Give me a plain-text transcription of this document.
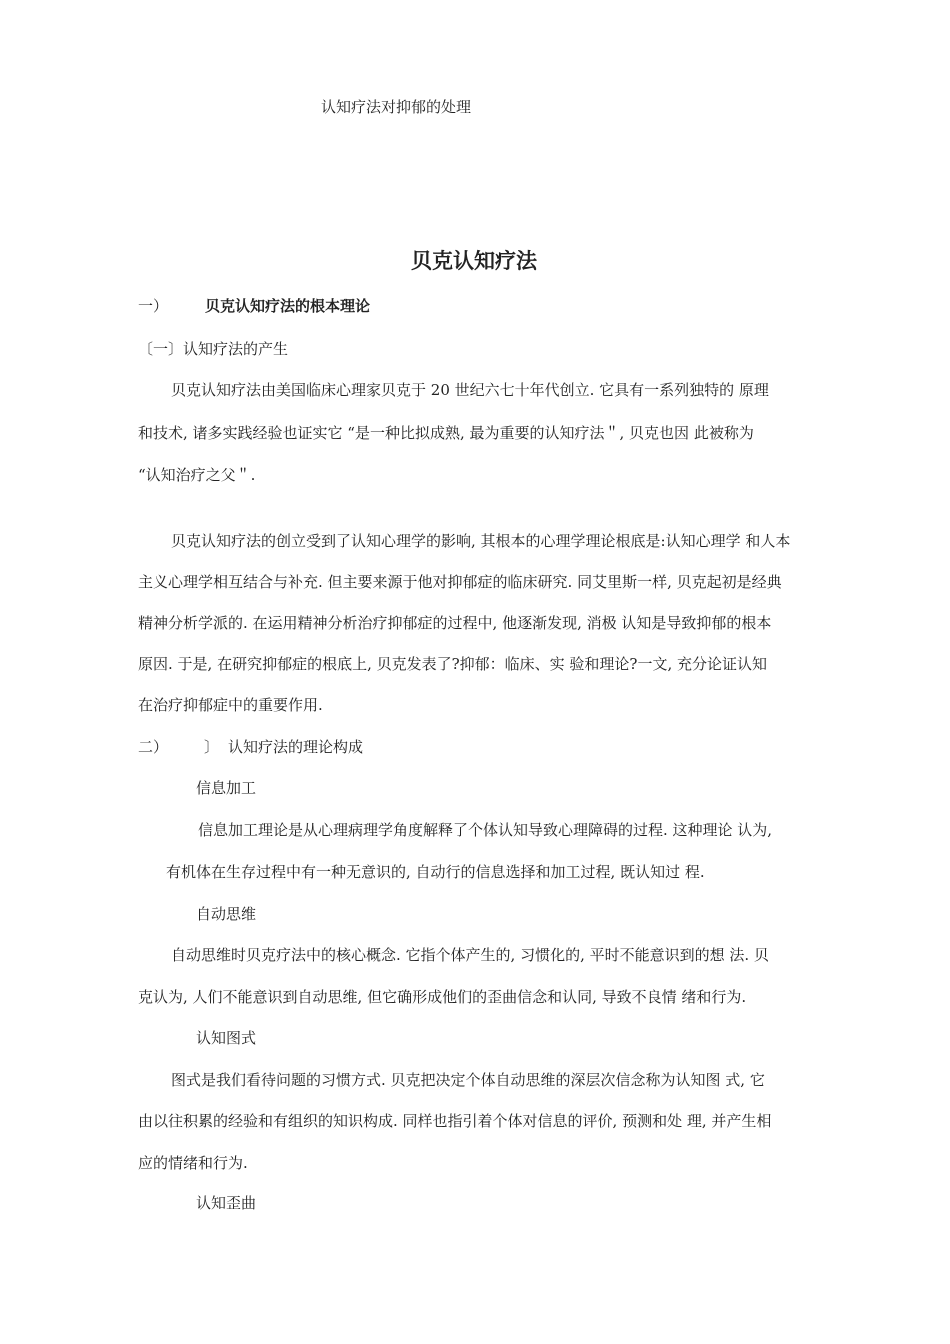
认知疗法对抑郁的处理
贝克认知疗法
一） 贝克认知疗法的根本理论
〔一〕认知疗法的产生
贝克认知疗法由美国临床心理家贝克于 20 世纪六七十年代创立. 它具有一系列独特的 原理
和技术, 诸多实践经验也证实它 “是一种比拟成熟, 最为重要的认知疗法＂, 贝克也因 此被称为
“认知治疗之父＂.
贝克认知疗法的创立受到了认知心理学的影响, 其根本的心理学理论根底是:认知心理学 和人本
主义心理学相互结合与补充. 但主要来源于他对抑郁症的临床研究. 同艾里斯一样, 贝克起初是经典
精神分析学派的. 在运用精神分析治疗抑郁症的过程中, 他逐渐发现, 消极 认知是导致抑郁的根本
原因. 于是, 在研究抑郁症的根底上, 贝克发表了?抑郁：临床、实 验和理论?一文, 充分论证认知
在治疗抑郁症中的重要作用.
二） 〕 认知疗法的理论构成
信息加工
信息加工理论是从心理病理学角度解释了个体认知导致心理障碍的过程. 这种理论 认为,
有机体在生存过程中有一种无意识的, 自动行的信息选择和加工过程, 既认知过 程.
自动思维
自动思维时贝克疗法中的核心概念. 它指个体产生的, 习惯化的, 平时不能意识到的想 法. 贝
克认为, 人们不能意识到自动思维, 但它确形成他们的歪曲信念和认同, 导致不良情 绪和行为.
认知图式
图式是我们看待问题的习惯方式. 贝克把决定个体自动思维的深层次信念称为认知图 式, 它
由以往积累的经验和有组织的知识构成. 同样也指引着个体对信息的评价, 预测和处 理, 并产生相
应的情绪和行为.
认知歪曲
